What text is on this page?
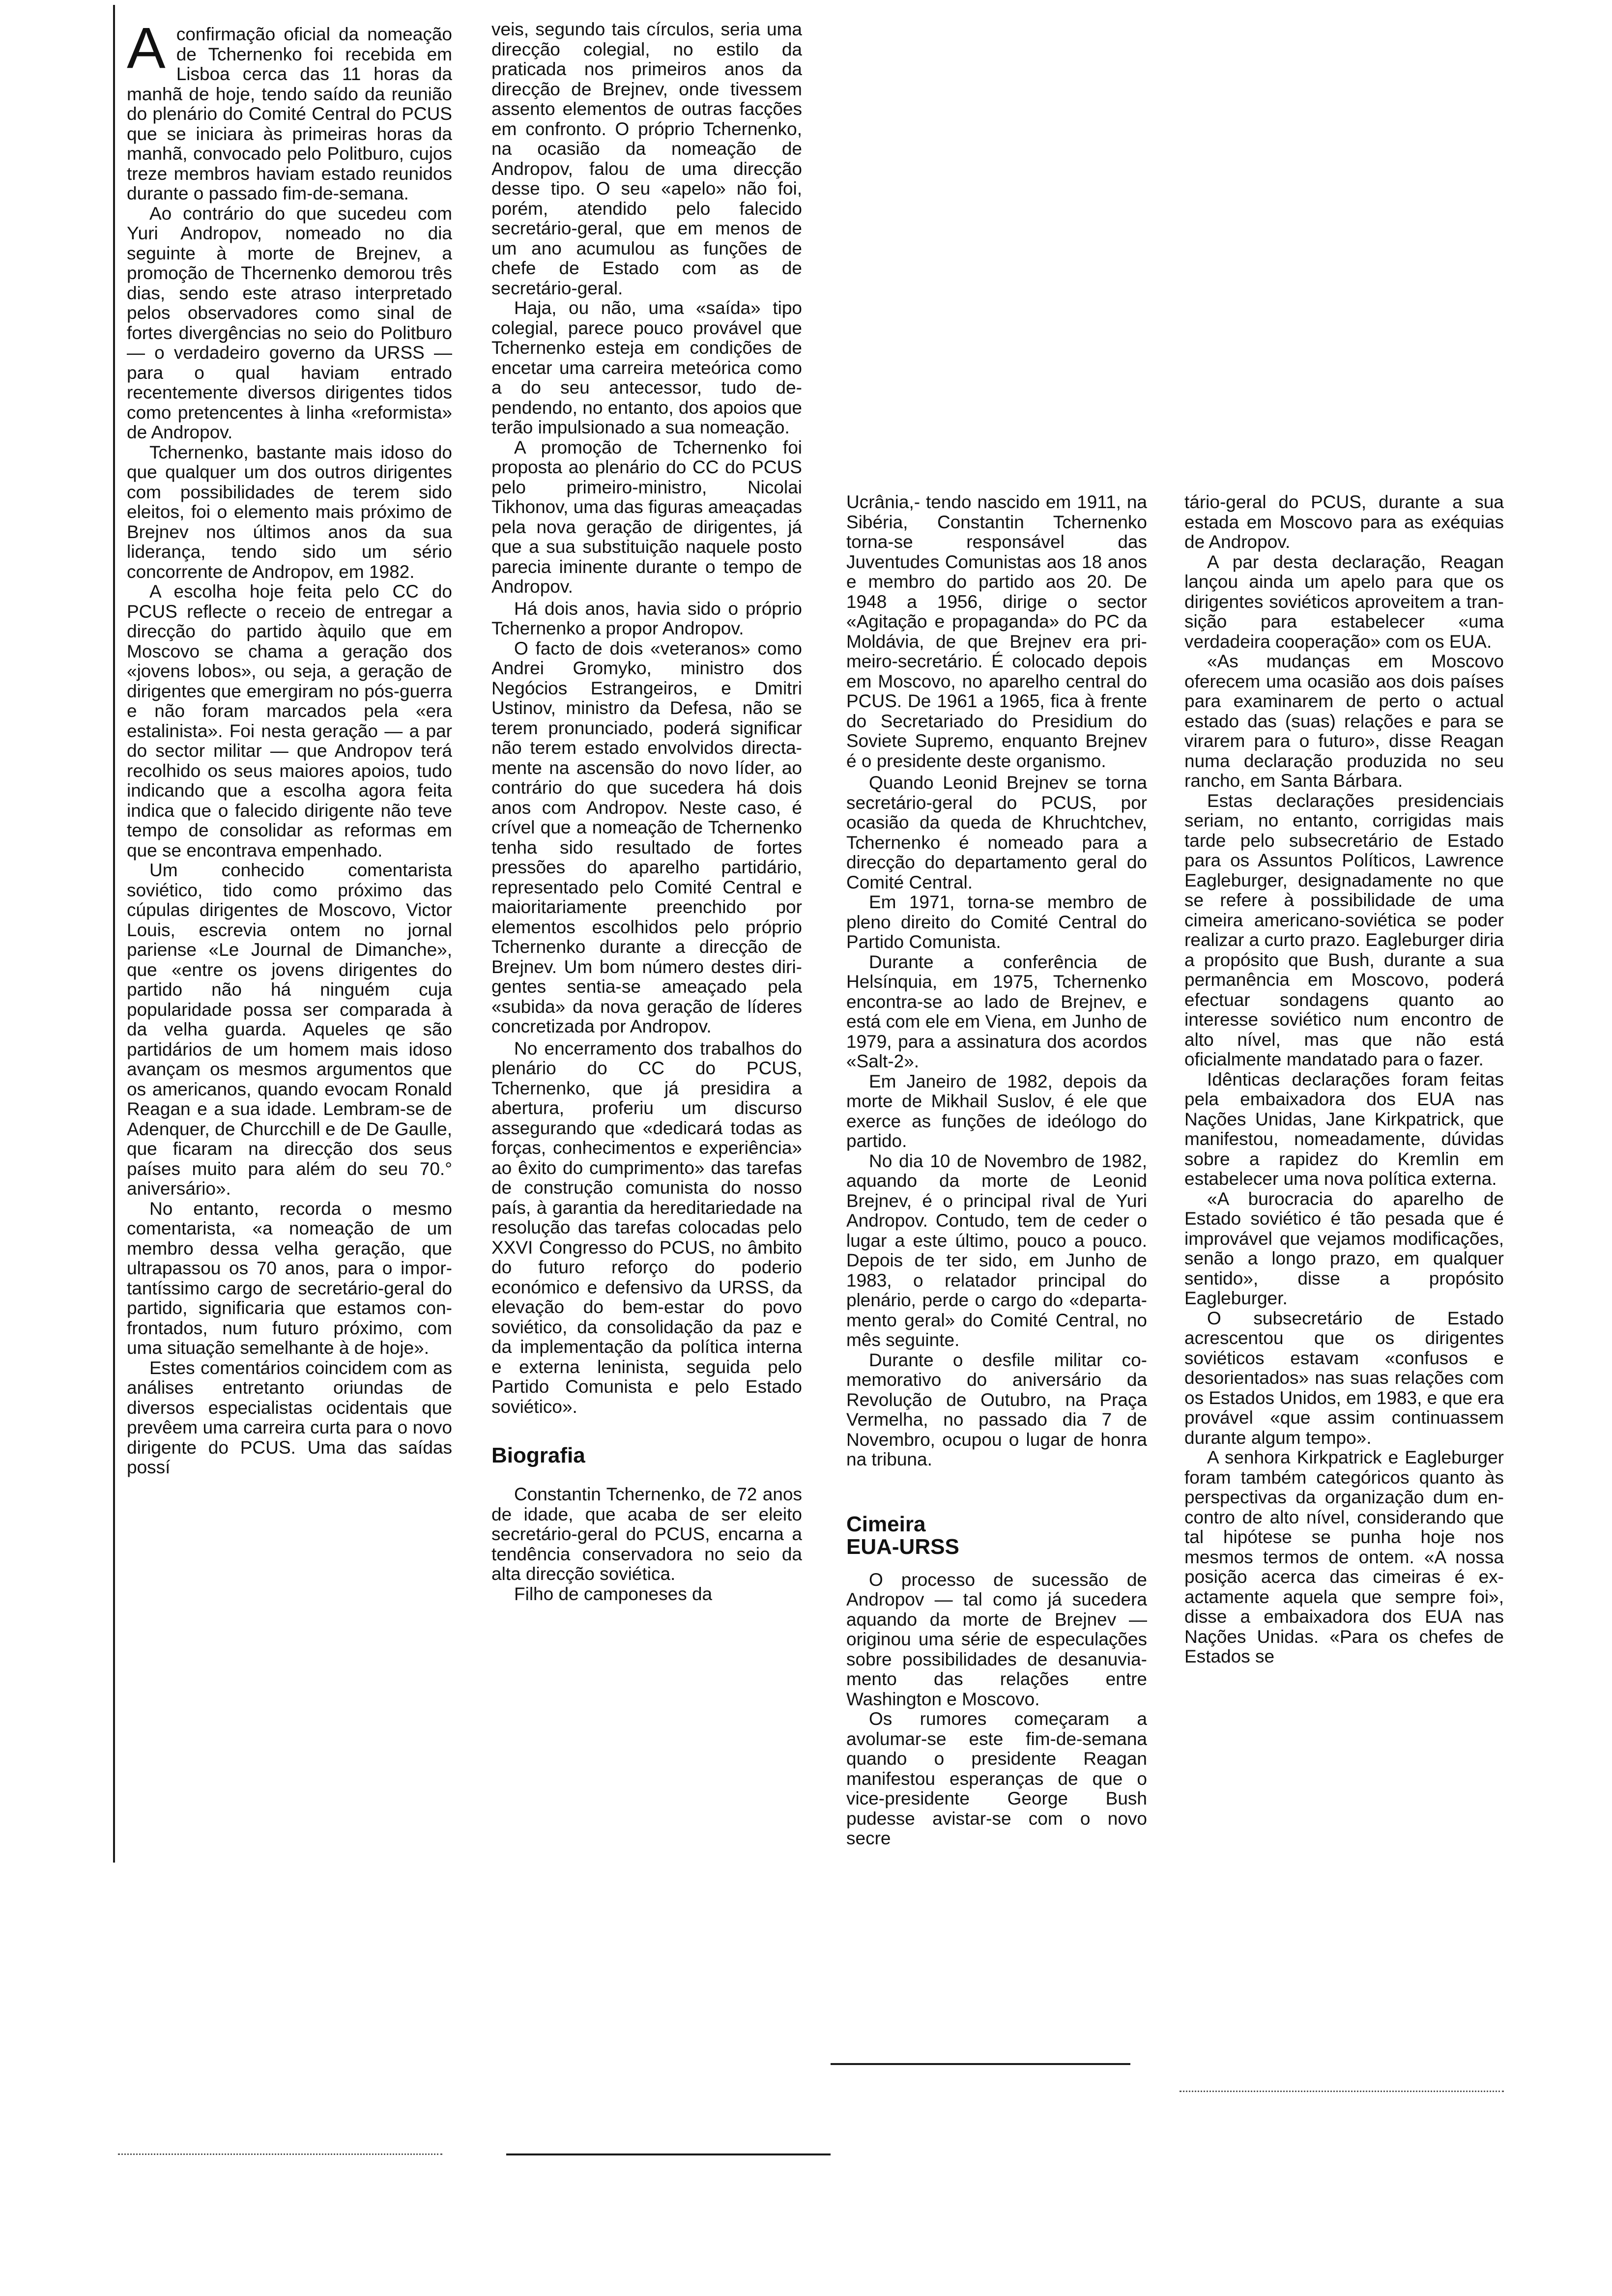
A confirmação oficial da nomeação de Tchernenko foi recebida em Lisboa cerca das 11 horas da manhã de hoje, tendo saído da reunião do plenário do Comité Central do PCUS que se iniciara às primeiras horas da manhã, convocado pelo Politburo, cujos treze membros haviam estado reunidos durante o passado fim-de-semana.

Ao contrário do que sucedeu com Yuri Andropov, nomeado no dia seguinte à morte de Brejnev, a promoção de Thcernenko demorou três dias, sendo este atraso interpretado pelos observadores como sinal de fortes divergências no seio do Politburo — o verdadeiro governo da URSS — para o qual haviam entrado recentemente diversos dirigentes tidos como pretencentes à linha «reformista» de Andropov.

Tchernenko, bastante mais idoso do que qualquer um dos outros dirigentes com possibilidades de terem sido eleitos, foi o elemento mais próximo de Brejnev nos últimos anos da sua liderança, tendo sido um sério concorrente de Andropov, em 1982.

A escolha hoje feita pelo CC do PCUS reflecte o receio de entregar a direcção do partido àquilo que em Moscovo se chama a geração dos «jovens lobos», ou seja, a geração de dirigentes que emergiram no pós-guerra e não foram marcados pela «era estalinista». Foi nesta geração — a par do sector militar — que Andropov terá recolhido os seus maiores apoios, tudo indicando que a escolha agora feita indica que o falecido dirigente não teve tempo de consolidar as reformas em que se encontrava empenhado.

Um conhecido comentarista soviético, tido como próximo das cúpulas dirigentes de Moscovo, Victor Louis, escrevia ontem no jornal pariense «Le Journal de Dimanche», que «entre os jovens dirigentes do partido não há ninguém cuja popularidade possa ser comparada à da velha guarda. Aqueles qe são partidários de um homem mais idoso avançam os mesmos argumentos que os americanos, quando evocam Ronald Reagan e a sua idade. Lembram-se de Adenquer, de Churcchill e de De Gaulle, que ficaram na direcção dos seus países muito para além do seu 70.° aniversário».

No entanto, recorda o mesmo comentarista, «a nomeação de um membro dessa velha geração, que ultrapassou os 70 anos, para o importantíssimo cargo de secretário-geral do partido, significaria que estamos confrontados, num futuro próximo, com uma situação semelhante à de hoje».

Estes comentários coincidem com as análises entretanto oriundas de diversos especialistas ocidentais que prevêem uma carreira curta para o novo dirigente do PCUS. Uma das saídas possí

veis, segundo tais círculos, seria uma direcção colegial, no estilo da praticada nos primeiros anos da direcção de Brejnev, onde tivessem assento elementos de outras facções em confronto. O próprio Tchernenko, na ocasião da nomeação de Andropov, falou de uma direcção desse tipo. O seu «apelo» não foi, porém, atendido pelo falecido secretário-geral, que em menos de um ano acumulou as funções de chefe de Estado com as de secretário-geral.

Haja, ou não, uma «saída» tipo colegial, parece pouco provável que Tchernenko esteja em condições de encetar uma carreira meteórica como a do seu antecessor, tudo dependendo, no entanto, dos apoios que terão impulsionado a sua nomeação.

A promoção de Tchernenko foi proposta ao plenário do CC do PCUS pelo primeiro-ministro, Nicolai Tikhonov, uma das figuras ameaçadas pela nova geração de dirigentes, já que a sua substituição naquele posto parecia iminente durante o tempo de Andropov.

Há dois anos, havia sido o próprio Tchernenko a propor Andropov.

O facto de dois «veteranos» como Andrei Gromyko, ministro dos Negócios Estrangeiros, e Dmitri Ustinov, ministro da Defesa, não se terem pronunciado, poderá significar não terem estado envolvidos directamente na ascensão do novo líder, ao contrário do que sucedera há dois anos com Andropov. Neste caso, é crível que a nomeação de Tchernenko tenha sido resultado de fortes pressões do aparelho partidário, representado pelo Comité Central e maioritariamente preenchido por elementos escolhidos pelo próprio Tchernenko durante a direcção de Brejnev. Um bom número destes dirigentes sentia-se ameaçado pela «subida» da nova geração de líderes concretizada por Andropov.

No encerramento dos trabalhos do plenário do CC do PCUS, Tchernenko, que já presidira a abertura, proferiu um discurso assegurando que «dedicará todas as forças, conhecimentos e experiência» ao êxito do cumprimento» das tarefas de construção comunista do nosso país, à garantia da hereditariedade na resolução das tarefas colocadas pelo XXVI Congresso do PCUS, no âmbito do futuro reforço do poderio económico e defensivo da URSS, da elevação do bem-estar do povo soviético, da consolidação da paz e da implementação da política interna e externa leninista, seguida pelo Partido Comunista e pelo Estado soviético».

Biografia

Constantin Tchernenko, de 72 anos de idade, que acaba de ser eleito secretário-geral do PCUS, encarna a tendência conservadora no seio da alta direcção soviética.

Filho de camponeses da

Ucrânia,- tendo nascido em 1911, na Sibéria, Constantin Tchernenko torna-se responsável das Juventudes Comunistas aos 18 anos e membro do partido aos 20. De 1948 a 1956, dirige o sector «Agitação e propaganda» do PC da Moldávia, de que Brejnev era primeiro-secretário. É colocado depois em Moscovo, no aparelho central do PCUS. De 1961 a 1965, fica à frente do Secretariado do Presidium do Soviete Supremo, enquanto Brejnev é o presidente deste organismo.

Quando Leonid Brejnev se torna secretário-geral do PCUS, por ocasião da queda de Khruchtchev, Tchernenko é nomeado para a direcção do departamento geral do Comité Central.

Em 1971, torna-se membro de pleno direito do Comité Central do Partido Comunista.

Durante a conferência de Helsínquia, em 1975, Tchernenko encontra-se ao lado de Brejnev, e está com ele em Viena, em Junho de 1979, para a assinatura dos acordos «Salt-2».

Em Janeiro de 1982, depois da morte de Mikhail Suslov, é ele que exerce as funções de ideólogo do partido.

No dia 10 de Novembro de 1982, aquando da morte de Leonid Brejnev, é o principal rival de Yuri Andropov. Contudo, tem de ceder o lugar a este último, pouco a pouco. Depois de ter sido, em Junho de 1983, o relatador principal do plenário, perde o cargo do «departamento geral» do Comité Central, no mês seguinte.

Durante o desfile militar comemorativo do aniversário da Revolução de Outubro, na Praça Vermelha, no passado dia 7 de Novembro, ocupou o lugar de honra na tribuna.

Cimeira
EUA-URSS

O processo de sucessão de Andropov — tal como já sucedera aquando da morte de Brejnev — originou uma série de especulações sobre possibilidades de desanuviamento das relações entre Washington e Moscovo.

Os rumores começaram a avolumar-se este fim-de-semana quando o presidente Reagan manifestou esperanças de que o vice-presidente George Bush pudesse avistar-se com o novo secre

tário-geral do PCUS, durante a sua estada em Moscovo para as exéquias de Andropov.

A par desta declaração, Reagan lançou ainda um apelo para que os dirigentes soviéticos aproveitem a transição para estabelecer «uma verdadeira cooperação» com os EUA.

«As mudanças em Moscovo oferecem uma ocasião aos dois países para examinarem de perto o actual estado das (suas) relações e para se virarem para o futuro», disse Reagan numa declaração produzida no seu rancho, em Santa Bárbara.

Estas declarações presidenciais seriam, no entanto, corrigidas mais tarde pelo subsecretário de Estado para os Assuntos Políticos, Lawrence Eagleburger, designadamente no que se refere à possibilidade de uma cimeira americano-soviética se poder realizar a curto prazo. Eagleburger diria a propósito que Bush, durante a sua permanência em Moscovo, poderá efectuar sondagens quanto ao interesse soviético num encontro de alto nível, mas que não está oficialmente mandatado para o fazer.

Idênticas declarações foram feitas pela embaixadora dos EUA nas Nações Unidas, Jane Kirkpatrick, que manifestou, nomeadamente, dúvidas sobre a rapidez do Kremlin em estabelecer uma nova política externa.

«A burocracia do aparelho de Estado soviético é tão pesada que é improvável que vejamos modificações, senão a longo prazo, em qualquer sentido», disse a propósito Eagleburger.

O subsecretário de Estado acrescentou que os dirigentes soviéticos estavam «confusos e desorientados» nas suas relações com os Estados Unidos, em 1983, e que era provável «que assim continuassem durante algum tempo».

A senhora Kirkpatrick e Eagleburger foram também categóricos quanto às perspectivas da organização dum encontro de alto nível, considerando que tal hipótese se punha hoje nos mesmos termos de ontem. «A nossa posição acerca das cimeiras é exactamente aquela que sempre foi», disse a embaixadora dos EUA nas Nações Unidas. «Para os chefes de Estados se
